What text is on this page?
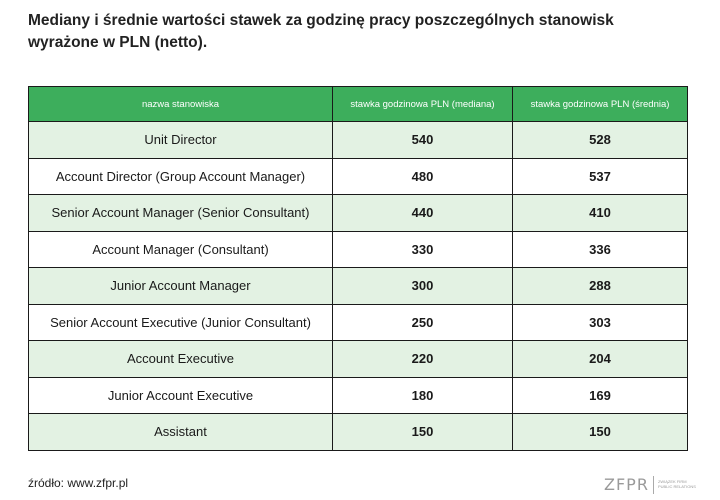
Mediany i średnie wartości stawek za godzinę pracy poszczególnych stanowisk wyrażone w PLN (netto).
nazwa stanowiska	stawka godzinowa PLN (mediana)	stawka godzinowa PLN (średnia)
Unit Director	540	528
Account Director (Group Account Manager)	480	537
Senior Account Manager (Senior Consultant)	440	410
Account Manager (Consultant)	330	336
Junior Account Manager	300	288
Senior Account Executive (Junior Consultant)	250	303
Account Executive	220	204
Junior Account Executive	180	169
Assistant	150	150
źródło: www.zfpr.pl	ZFPR ZWIĄZEK FIRM PUBLIC RELATIONS
